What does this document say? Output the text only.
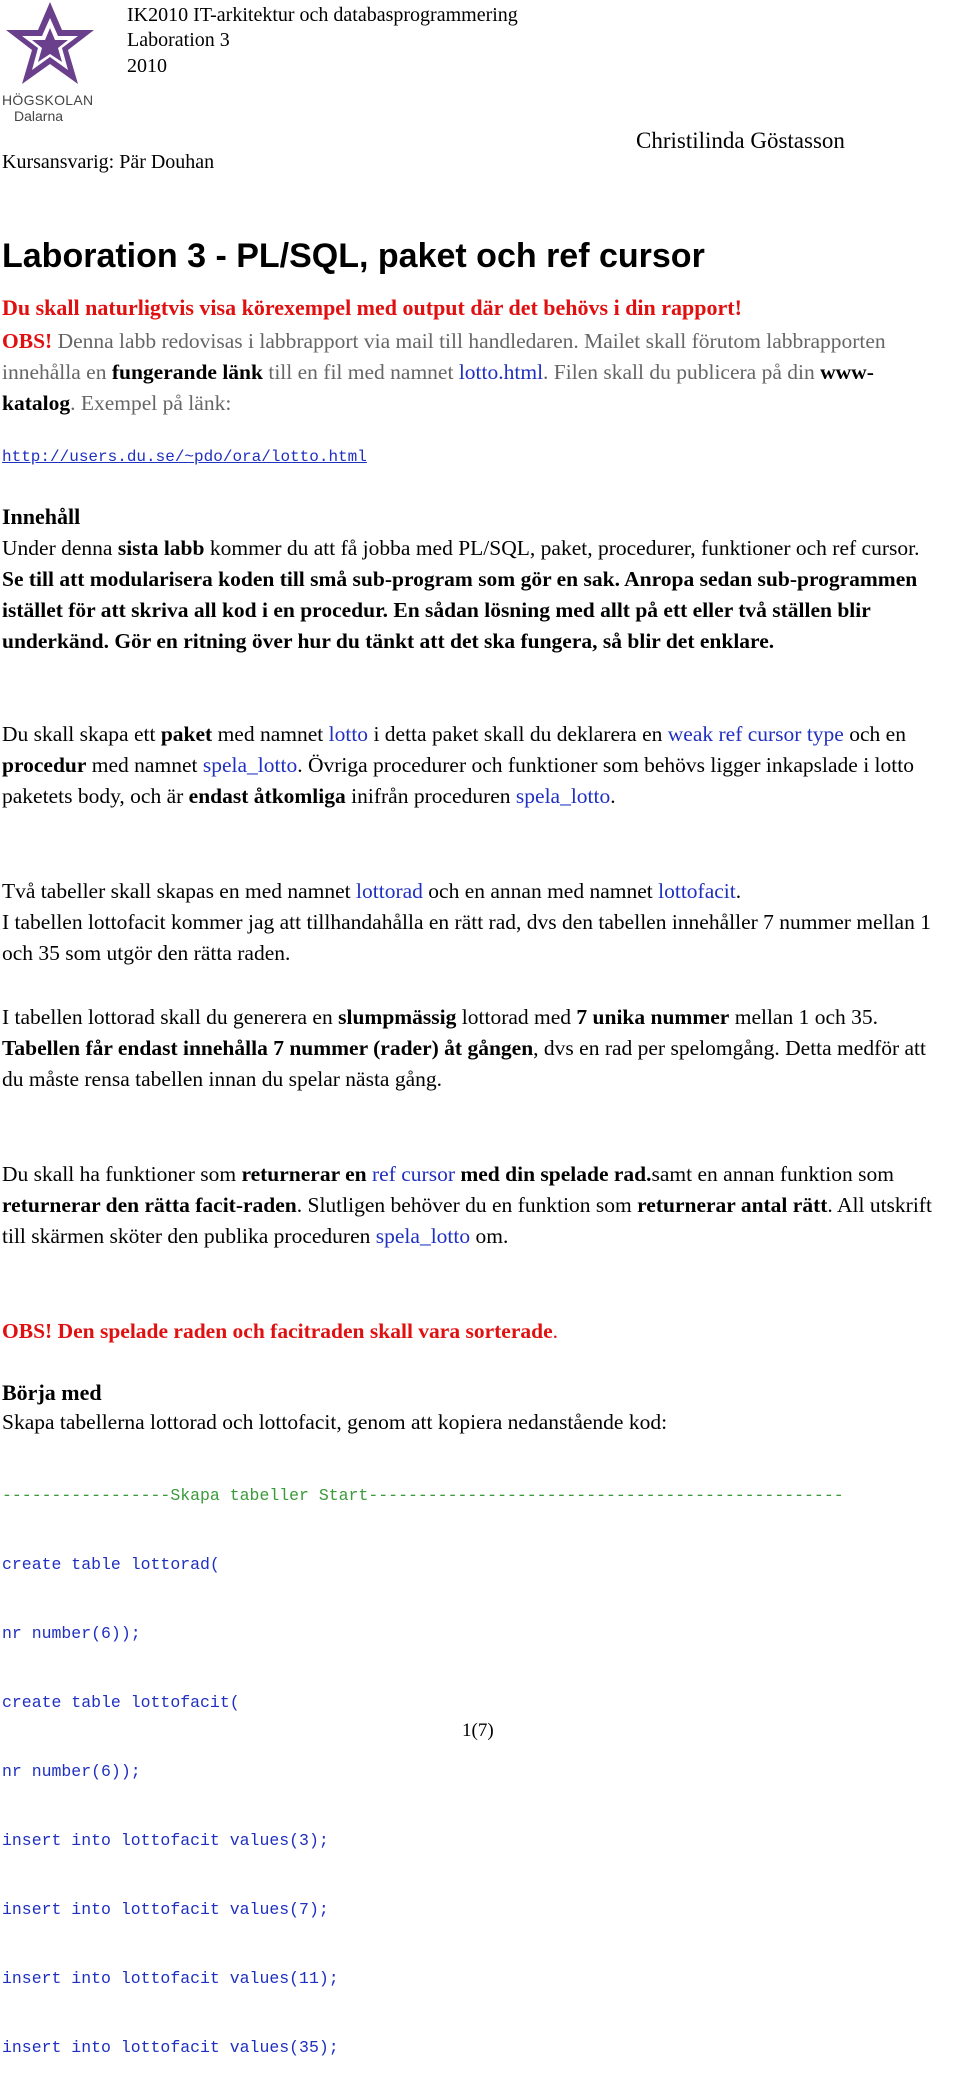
HÖGSKOLAN
Dalarna
IK2010 IT-arkitektur och databasprogrammering
Laboration 3
2010
Kursansvarig: Pär Douhan
Christilinda Göstasson
Laboration 3 - PL/SQL, paket och ref cursor
Du skall naturligtvis visa körexempel med output där det behövs i din rapport!

OBS! Denna labb redovisas i labbrapport via mail till handledaren. Mailet skall förutom labbrapporten innehålla en fungerande länk till en fil med namnet lotto.html. Filen skall du publicera på din www-katalog. Exempel på länk:

http://users.du.se/~pdo/ora/lotto.html
Innehåll

Under denna sista labb kommer du att få jobba med PL/SQL, paket, procedurer, funktioner och ref cursor. Se till att modularisera koden till små sub-program som gör en sak. Anropa sedan sub-programmen istället för att skriva all kod i en procedur. En sådan lösning med allt på ett eller två ställen blir underkänd. Gör en ritning över hur du tänkt att det ska fungera, så blir det enklare.

Du skall skapa ett paket med namnet lotto i detta paket skall du deklarera en weak ref cursor type och en procedur med namnet spela_lotto. Övriga procedurer och funktioner som behövs ligger inkapslade i lotto paketets body, och är endast åtkomliga inifrån proceduren spela_lotto.

Två tabeller skall skapas en med namnet lottorad och en annan med namnet lottofacit.
I tabellen lottofacit kommer jag att tillhandahålla en rätt rad, dvs den tabellen innehåller 7 nummer mellan 1 och 35 som utgör den rätta raden.

I tabellen lottorad skall du generera en slumpmässig lottorad med 7 unika nummer mellan 1 och 35. Tabellen får endast innehålla 7 nummer (rader) åt gången, dvs en rad per spelomgång. Detta medför att du måste rensa tabellen innan du spelar nästa gång.

Du skall ha funktioner som returnerar en ref cursor med din spelade rad.samt en annan funktion som returnerar den rätta facit-raden. Slutligen behöver du en funktion som returnerar antal rätt. All utskrift till skärmen sköter den publika proceduren spela_lotto om.

OBS! Den spelade raden och facitraden skall vara sorterade.

Börja med
Skapa tabellerna lottorad och lottofacit, genom att kopiera nedanstående kod:

-----------------Skapa tabeller Start------------------------------------------------

create table lottorad(

nr number(6));

create table lottofacit(

nr number(6));

insert into lottofacit values(3);

insert into lottofacit values(7);

insert into lottofacit values(11);

insert into lottofacit values(35);

1(7)
